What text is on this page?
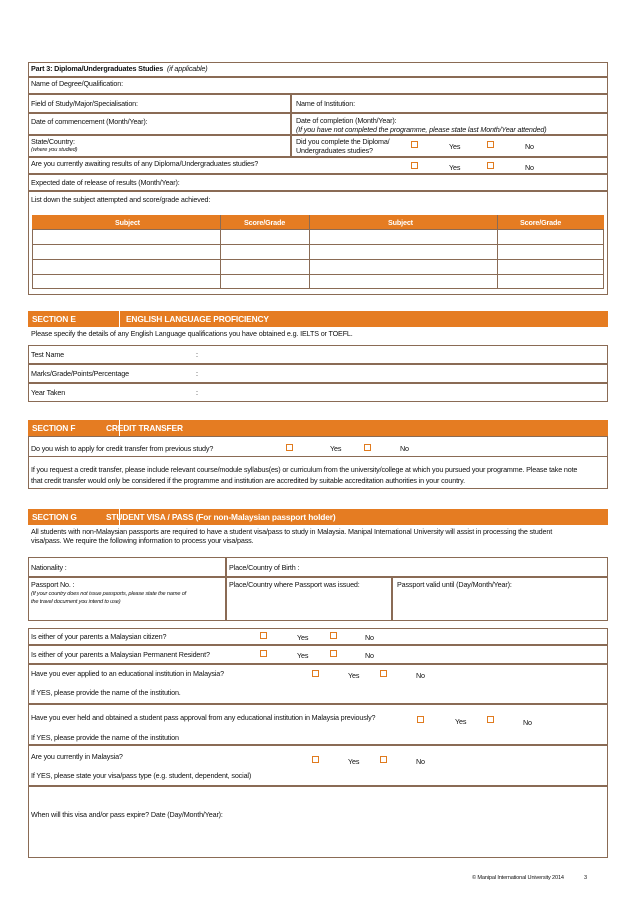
Part 3: Diploma/Undergraduates Studies (if applicable)
Name of Degree/Qualification:
Field of Study/Major/Specialisation:	Name of Institution:
Date of commencement (Month/Year):	Date of completion (Month/Year):
(If you have not completed the programme, please state last Month/Year attended)
State/Country:
(where you studied)
Did you complete the Diploma/
Undergraduates studies?	Yes	No
Are you currently awaiting results of any Diploma/Undergraduates studies?	Yes	No
Expected date of release of results (Month/Year):
List down the subject attempted and score/grade achieved:
Subject	Score/Grade	Subject	Score/Grade
SECTION E	ENGLISH LANGUAGE PROFICIENCY
Please specify the details of any English Language qualifications you have obtained e.g. IELTS or TOEFL.
Test Name	:
Marks/Grade/Points/Percentage	:
Year Taken	:
SECTION F	CREDIT TRANSFER
Do you wish to apply for credit transfer from previous study?	Yes	No
If you request a credit transfer, please include relevant course/module syllabus(es) or curriculum from the university/college at which you pursued your programme. Please take note
that credit transfer would only be considered if the programme and institution are accredited by suitable accreditation authorities in your country.
SECTION G	STUDENT VISA / PASS (For non-Malaysian passport holder)
All students with non-Malaysian passports are required to have a student visa/pass to study in Malaysia. Manipal International University will assist in processing the student
visa/pass. We require the following information to process your visa/pass.
Nationality :	Place/Country of Birth :
Passport No. :
(If your country does not issue passports, please state the name of
the travel document you intend to use)
Place/Country where Passport was issued:	Passport valid until (Day/Month/Year):
Is either of your parents a Malaysian citizen?	Yes	No
Is either of your parents a Malaysian Permanent Resident?	Yes	No
Have you ever applied to an educational institution in Malaysia?	Yes	No
If YES, please provide the name of the institution.
Have you ever held and obtained a student pass approval from any educational institution in Malaysia previously?	Yes	No
If YES, please provide the name of the institution
Are you currently in Malaysia?
Yes	No
If YES, please state your visa/pass type (e.g. student, dependent, social)
When will this visa and/or pass expire? Date (Day/Month/Year):
© Manipal International University 2014	3
